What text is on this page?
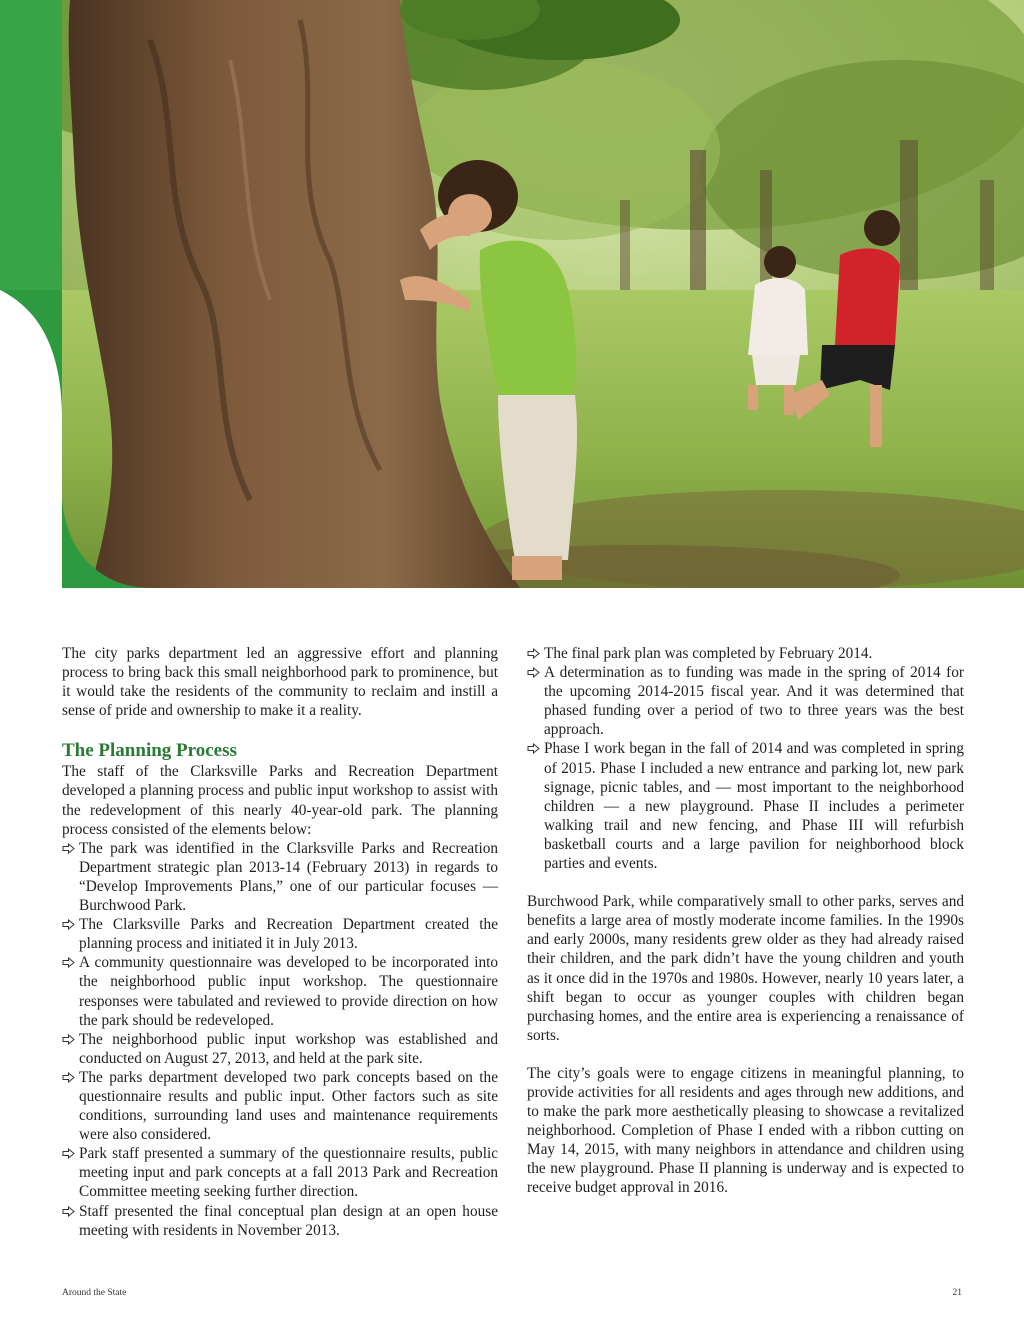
The city parks department led an aggressive effort and planning process to bring back this small neighborhood park to prominence, but it would take the residents of the community to reclaim and instill a sense of pride and ownership to make it a reality.

The Planning Process

The staff of the Clarksville Parks and Recreation Department developed a planning process and public input workshop to assist with the redevelopment of this nearly 40-year-old park. The planning process consisted of the elements below:

The park was identified in the Clarksville Parks and Recreation Department strategic plan 2013-14 (February 2013) in regards to “Develop Improvements Plans,” one of our particular focuses — Burchwood Park.
The Clarksville Parks and Recreation Department created the planning process and initiated it in July 2013.
A community questionnaire was developed to be incorporated into the neighborhood public input workshop. The questionnaire responses were tabulated and reviewed to provide direction on how the park should be redeveloped.
The neighborhood public input workshop was established and conducted on August 27, 2013, and held at the park site.
The parks department developed two park concepts based on the questionnaire results and public input. Other factors such as site conditions, surrounding land uses and maintenance requirements were also considered.
Park staff presented a summary of the questionnaire results, public meeting input and park concepts at a fall 2013 Park and Recreation Committee meeting seeking further direction.
Staff presented the final conceptual plan design at an open house meeting with residents in November 2013.
The final park plan was completed by February 2014.
A determination as to funding was made in the spring of 2014 for the upcoming 2014-2015 fiscal year. And it was determined that phased funding over a period of two to three years was the best approach.
Phase I work began in the fall of 2014 and was completed in spring of 2015. Phase I included a new entrance and parking lot, new park signage, picnic tables, and — most important to the neighborhood children — a new playground. Phase II includes a perimeter walking trail and new fencing, and Phase III will refurbish basketball courts and a large pavilion for neighborhood block parties and events.

Burchwood Park, while comparatively small to other parks, serves and benefits a large area of mostly moderate income families. In the 1990s and early 2000s, many residents grew older as they had already raised their children, and the park didn’t have the young children and youth as it once did in the 1970s and 1980s. However, nearly 10 years later, a shift began to occur as younger couples with children began purchasing homes, and the entire area is experiencing a renaissance of sorts.

The city’s goals were to engage citizens in meaningful planning, to provide activities for all residents and ages through new additions, and to make the park more aesthetically pleasing to showcase a revitalized neighborhood. Completion of Phase I ended with a ribbon cutting on May 14, 2015, with many neighbors in attendance and children using the new playground. Phase II planning is underway and is expected to receive budget approval in 2016.

Around the State	21
